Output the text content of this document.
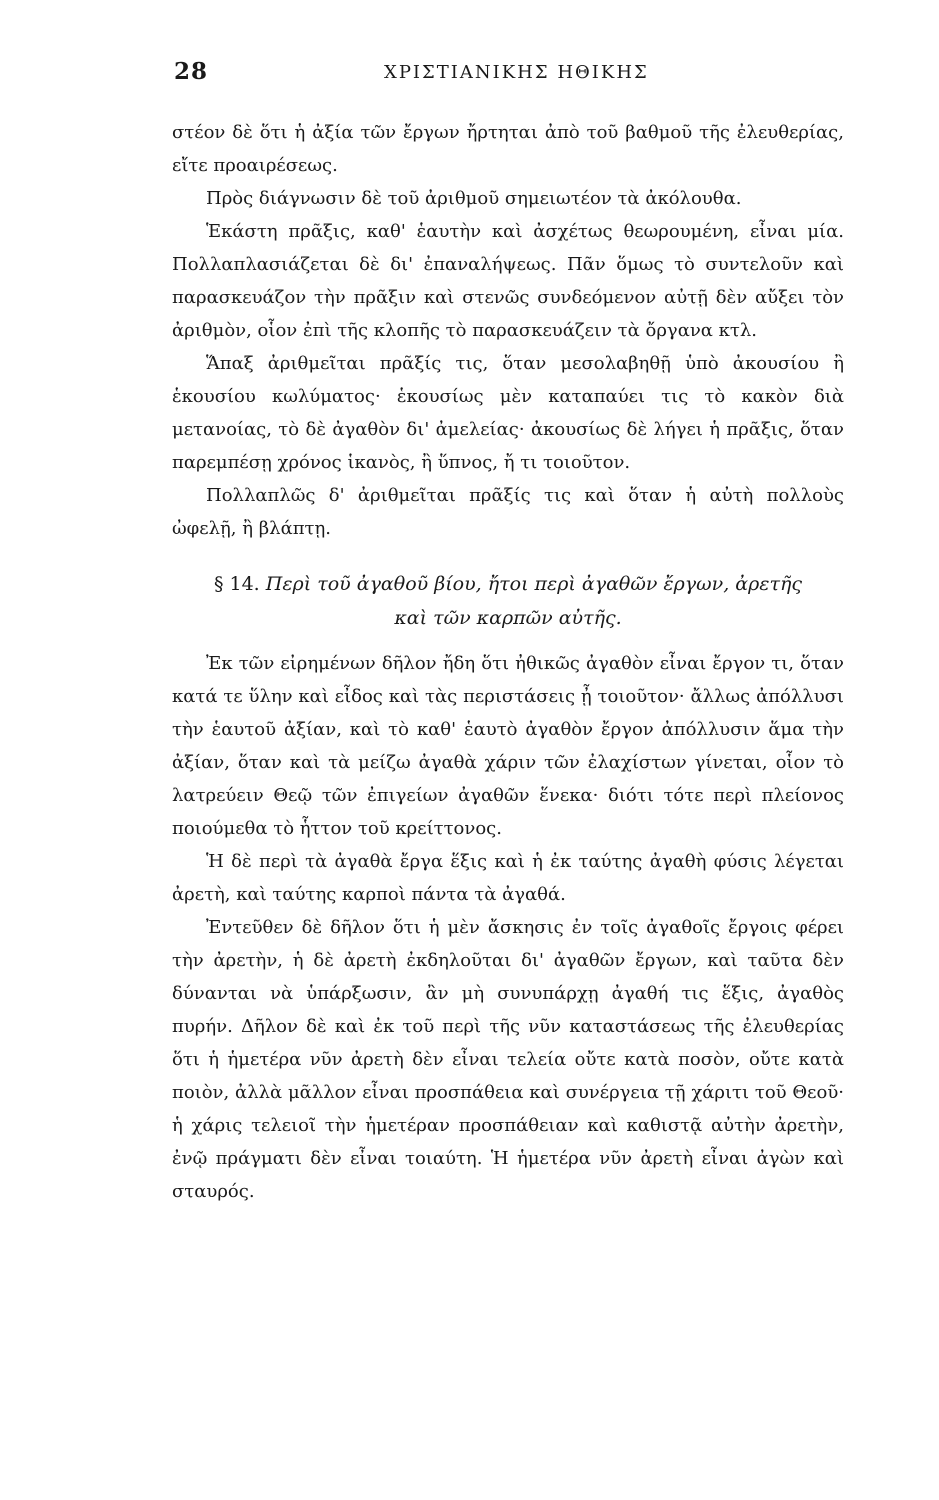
28	ΧΡΙΣΤΙΑΝΙΚΗΣ ΗΘΙΚΗΣ

στέον δὲ ὅτι ἡ ἀξία τῶν ἔργων ἤρτηται ἀπὸ τοῦ βαθμοῦ τῆς ἐλευθερίας, εἴτε προαιρέσεως.

Πρὸς διάγνωσιν δὲ τοῦ ἀριθμοῦ σημειωτέον τὰ ἀκόλουθα.

Ἑκάστη πρᾶξις, καθ' ἑαυτὴν καὶ ἀσχέτως θεωρουμένη, εἶναι μία. Πολλαπλασιάζεται δὲ δι' ἐπαναλήψεως. Πᾶν ὅμως τὸ συντελοῦν καὶ παρασκευάζον τὴν πρᾶξιν καὶ στενῶς συνδεόμενον αὐτῇ δὲν αὔξει τὸν ἀριθμὸν, οἷον ἐπὶ τῆς κλοπῆς τὸ παρασκευάζειν τὰ ὄργανα κτλ.

Ἅπαξ ἀριθμεῖται πρᾶξίς τις, ὅταν μεσολαβηθῇ ὑπὸ ἀκουσίου ἢ ἑκουσίου κωλύματος· ἑκουσίως μὲν καταπαύει τις τὸ κακὸν διὰ μετανοίας, τὸ δὲ ἀγαθὸν δι' ἀμελείας· ἀκουσίως δὲ λήγει ἡ πρᾶξις, ὅταν παρεμπέσῃ χρόνος ἱκανὸς, ἢ ὕπνος, ἤ τι τοιοῦτον.

Πολλαπλῶς δ' ἀριθμεῖται πρᾶξίς τις καὶ ὅταν ἡ αὐτὴ πολλοὺς ὠφελῇ, ἢ βλάπτῃ.

§ 14. Περὶ τοῦ ἀγαθοῦ βίου, ἤτοι περὶ ἀγαθῶν ἔργων, ἀρετῆς καὶ τῶν καρπῶν αὐτῆς.

Ἐκ τῶν εἰρημένων δῆλον ἤδη ὅτι ἠθικῶς ἀγαθὸν εἶναι ἔργον τι, ὅταν κατά τε ὕλην καὶ εἶδος καὶ τὰς περιστάσεις ᾖ τοιοῦτον· ἄλλως ἀπόλλυσι τὴν ἑαυτοῦ ἀξίαν, καὶ τὸ καθ' ἑαυτὸ ἀγαθὸν ἔργον ἀπόλλυσιν ἅμα τὴν ἀξίαν, ὅταν καὶ τὰ μείζω ἀγαθὰ χάριν τῶν ἐλαχίστων γίνεται, οἷον τὸ λατρεύειν Θεῷ τῶν ἐπιγείων ἀγαθῶν ἕνεκα· διότι τότε περὶ πλείονος ποιούμεθα τὸ ἧττον τοῦ κρείττονος.

Ἡ δὲ περὶ τὰ ἀγαθὰ ἔργα ἕξις καὶ ἡ ἐκ ταύτης ἀγαθὴ φύσις λέγεται ἀρετὴ, καὶ ταύτης καρποὶ πάντα τὰ ἀγαθά.

Ἐντεῦθεν δὲ δῆλον ὅτι ἡ μὲν ἄσκησις ἐν τοῖς ἀγαθοῖς ἔργοις φέρει τὴν ἀρετὴν, ἡ δὲ ἀρετὴ ἐκδηλοῦται δι' ἀγαθῶν ἔργων, καὶ ταῦτα δὲν δύνανται νὰ ὑπάρξωσιν, ἂν μὴ συνυπάρχῃ ἀγαθή τις ἕξις, ἀγαθὸς πυρήν. Δῆλον δὲ καὶ ἐκ τοῦ περὶ τῆς νῦν καταστάσεως τῆς ἐλευθερίας ὅτι ἡ ἡμετέρα νῦν ἀρετὴ δὲν εἶναι τελεία οὔτε κατὰ ποσὸν, οὔτε κατὰ ποιὸν, ἀλλὰ μᾶλλον εἶναι προσπάθεια καὶ συνέργεια τῇ χάριτι τοῦ Θεοῦ· ἡ χάρις τελειοῖ τὴν ἡμετέραν προσπάθειαν καὶ καθιστᾷ αὐτὴν ἀρετὴν, ἐνῷ πράγματι δὲν εἶναι τοιαύτη. Ἡ ἡμετέρα νῦν ἀρετὴ εἶναι ἀγὼν καὶ σταυρός.
